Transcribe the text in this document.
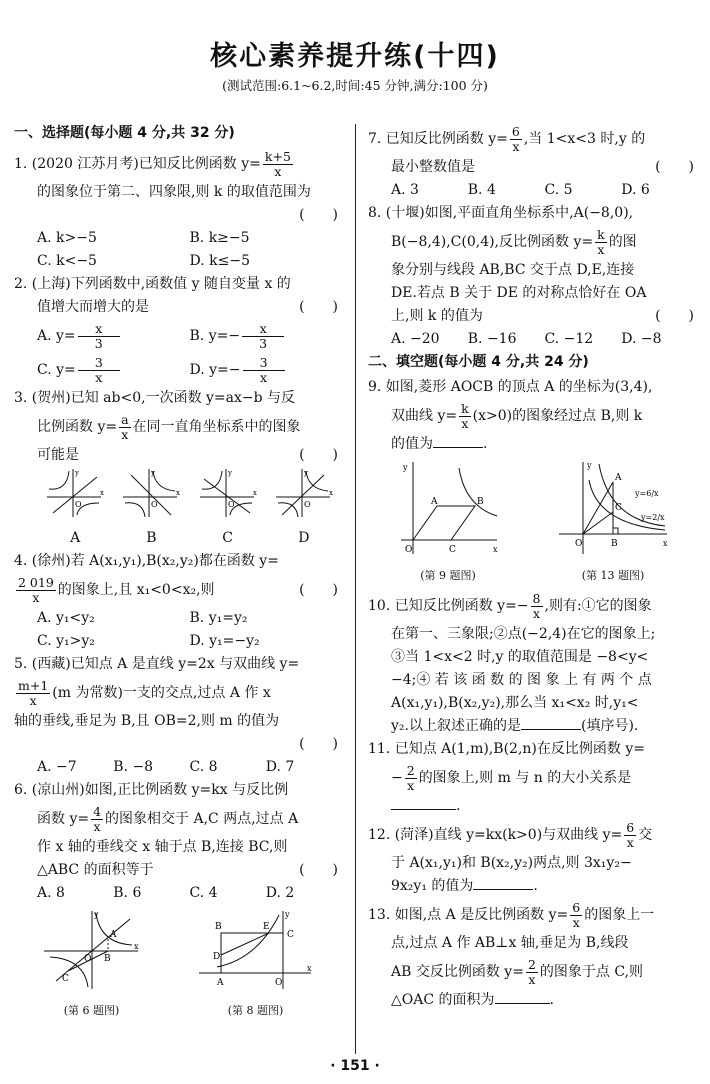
核心素养提升练(十四)
(测试范围:6.1~6.2,时间:45 分钟,满分:100 分)
一、选择题(每小题 4 分,共 32 分)
1. (2020 江苏月考)已知反比例函数 $y= \frac{k+5}{x}$
的图象位于第二、四象限,则 k 的取值范围为
(　　)

A. k>−5	B. k≥−5
C. k<−5	D. k≤−5
2. (上海)下列函数中,函数值 y 随自变量 x 的
值增大而增大的是	(　　)
A. $y= \frac{x}{3}$	B. $y=- \frac{x}{3}$
C. $y= \frac{3}{x}$	D. $y=- \frac{3}{x}$
3. (贺州)已知 ab<0,一次函数 y=ax−b 与反
比例函数 $y= \frac{a}{x}$ 在同一直角坐标系中的图象
可能是	(　　)
O
x
y
A
O
x
y
B
O
x
y
C
O
x
y
D
4. (徐州)若 A(x₁,y₁),B(x₂,y₂)都在函数 y=
$\frac{2 019}{x}$ 的图象上,且 x₁<0<x₂,则	(　　)
A. y₁<y₂	B. y₁=y₂
C. y₁>y₂	D. y₁=−y₂
5. (西藏)已知点 A 是直线 y=2x 与双曲线 y=
$\frac{m+1}{x} (m$ 为常数)一支的交点,过点 A 作 x
轴的垂线,垂足为 B,且 OB=2,则 m 的值为
(　　)

A. −7	B. −8	C. 8	D. 7
6. (凉山州)如图,正比例函数 y=kx 与反比例
函数 $y= \frac{4}{x}$ 的图象相交于 A,C 两点,过点 A
作 x 轴的垂线交 x 轴于点 B,连接 BC,则
△ABC 的面积等于	(　　)
A. 8	B. 6	C. 4	D. 2
A
B
C
O
x
y
(第 6 题图)
B	E
C
D
A	O
x
y
(第 8 题图)
7. 已知反比例函数 $y= \frac{6}{x}$ ,当 1<x<3 时,y 的
最小整数值是	(　　)
A. 3	B. 4	C. 5	D. 6
8. (十堰)如图,平面直角坐标系中,A(−8,0),
B(−8,4),C(0,4),反比例函数 $y= \frac{k}{x}$ 的图
象分别与线段 AB,BC 交于点 D,E,连接
DE.若点 B 关于 DE 的对称点恰好在 OA
上,则 k 的值为	(　　)
A. −20	B. −16	C. −12	D. −8
二、填空题(每小题 4 分,共 24 分)
9. 如图,菱形 AOCB 的顶点 A 的坐标为(3,4),
双曲线 $y= \frac{k}{x} (x>0)$的图象经过点 B,则 k
的值为	.
A	B
O	C	x
y
(第 9 题图)
A
C
B
O	x
y
y=6/x
y=2/x
(第 13 题图)
10. 已知反比例函数 $y=- \frac{8}{x}$ ,则有:①它的图象
在第一、三象限;②点(−2,4)在它的图象上;
③当 1<x<2 时,y 的取值范围是 −8<y<
−4;④ 若 该 函 数 的 图 象 上 有 两 个 点
A(x₁,y₁),B(x₂,y₂),那么当 x₁<x₂ 时,y₁<
y₂.以上叙述正确的是	(填序号).
11. 已知点 A(1,m),B(2,n)在反比例函数 y=
− $\frac{2}{x}$ 的图象上,则 m 与 n 的大小关系是
.
12. (菏泽)直线 y=kx(k>0)与双曲线 $y= \frac{6}{x}$ 交
于 A(x₁,y₁)和 B(x₂,y₂)两点,则 3x₁y₂−
9x₂y₁ 的值为	.
13. 如图,点 A 是反比例函数 $y= \frac{6}{x}$ 的图象上一
点,过点 A 作 AB⊥x 轴,垂足为 B,线段
AB 交反比例函数 $y= \frac{2}{x}$ 的图象于点 C,则
△OAC 的面积为	.
· 151 ·
